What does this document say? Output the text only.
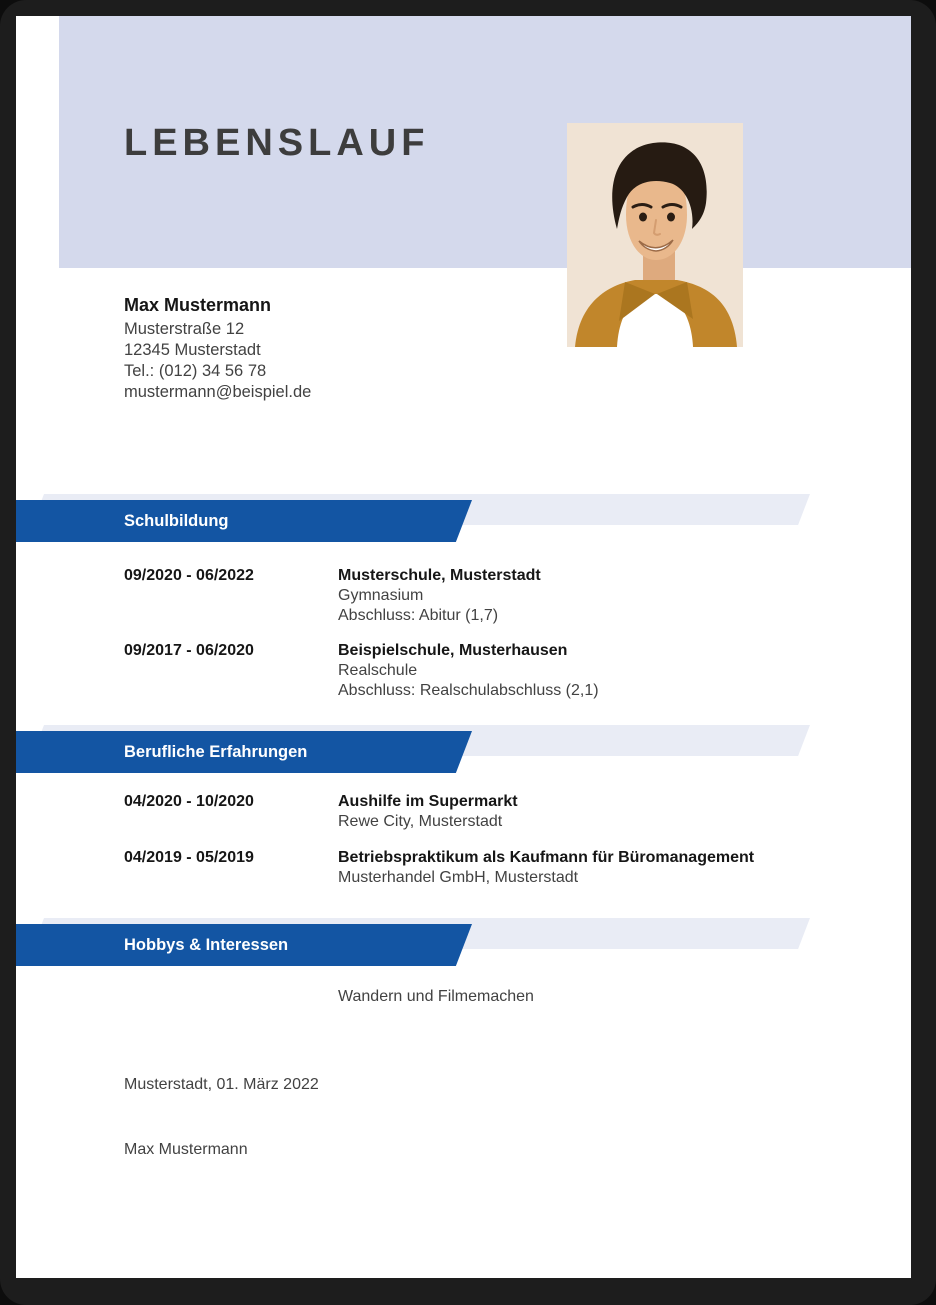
LEBENSLAUF
Max Mustermann
Musterstraße 12
12345 Musterstadt
Tel.: (012) 34 56 78
mustermann@beispiel.de
Schulbildung
09/2020 - 06/2022	Musterschule, Musterstadt
Gymnasium
Abschluss: Abitur (1,7)
09/2017 - 06/2020	Beispielschule, Musterhausen
Realschule
Abschluss: Realschulabschluss (2,1)
Berufliche Erfahrungen
04/2020 - 10/2020	Aushilfe im Supermarkt
Rewe City, Musterstadt
04/2019 - 05/2019	Betriebspraktikum als Kaufmann für Büromanagement
Musterhandel GmbH, Musterstadt
Hobbys & Interessen
Wandern und Filmemachen
Musterstadt, 01. März 2022
Max Mustermann
